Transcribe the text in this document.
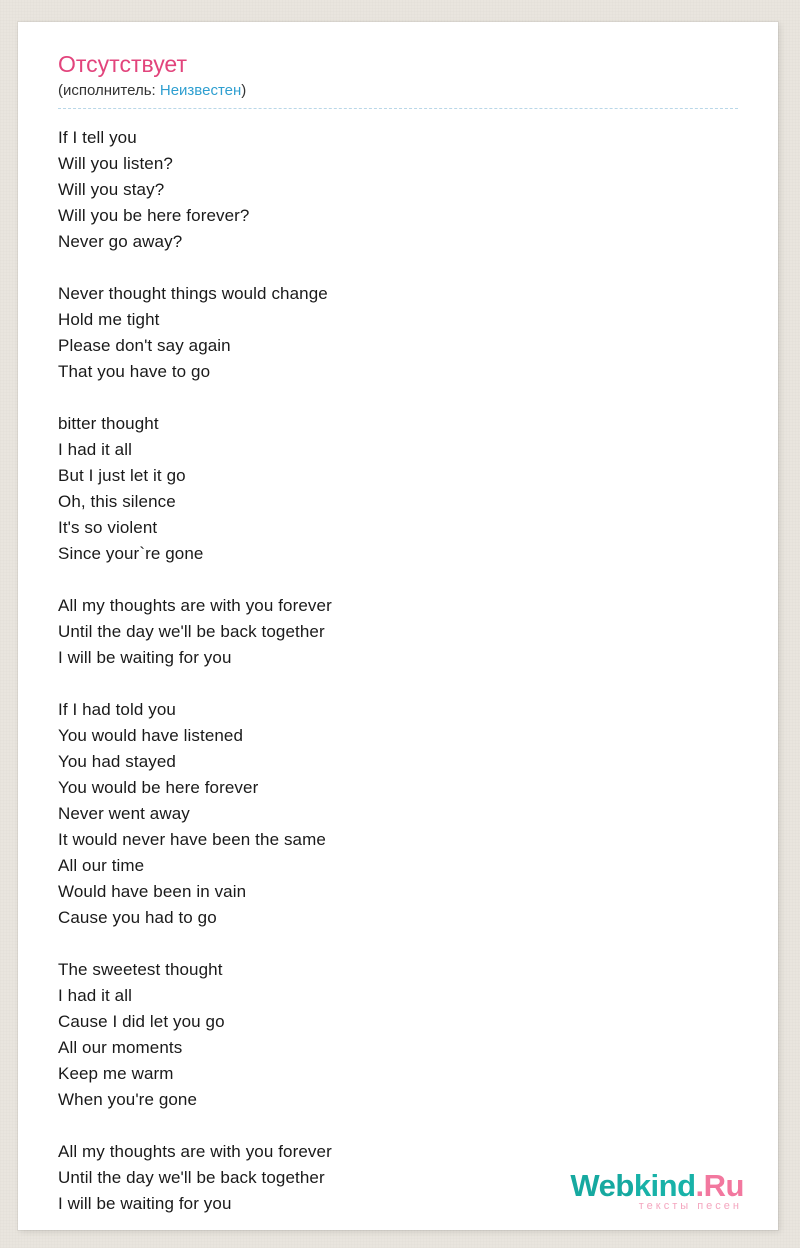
Отсутствует
(исполнитель: Неизвестен)
If I tell you
Will you listen?
Will you stay?
Will you be here forever?
Never go away?

Never thought things would change
Hold me tight
Please don't say again
That you have to go

bitter thought
I had it all
But I just let it go
Oh, this silence
It's so violent
Since your`re gone

All my thoughts are with you forever
Until the day we'll be back together
I will be waiting for you

If I had told you
You would have listened
You had stayed
You would be here forever
Never went away
It would never have been the same
All our time
Would have been in vain
Cause you had to go

The sweetest thought
I had it all
Cause I did let you go
All our moments
Keep me warm
When you're gone

All my thoughts are with you forever
Until the day we'll be back together
I will be waiting for you
Webkind.Ru
тексты песен
